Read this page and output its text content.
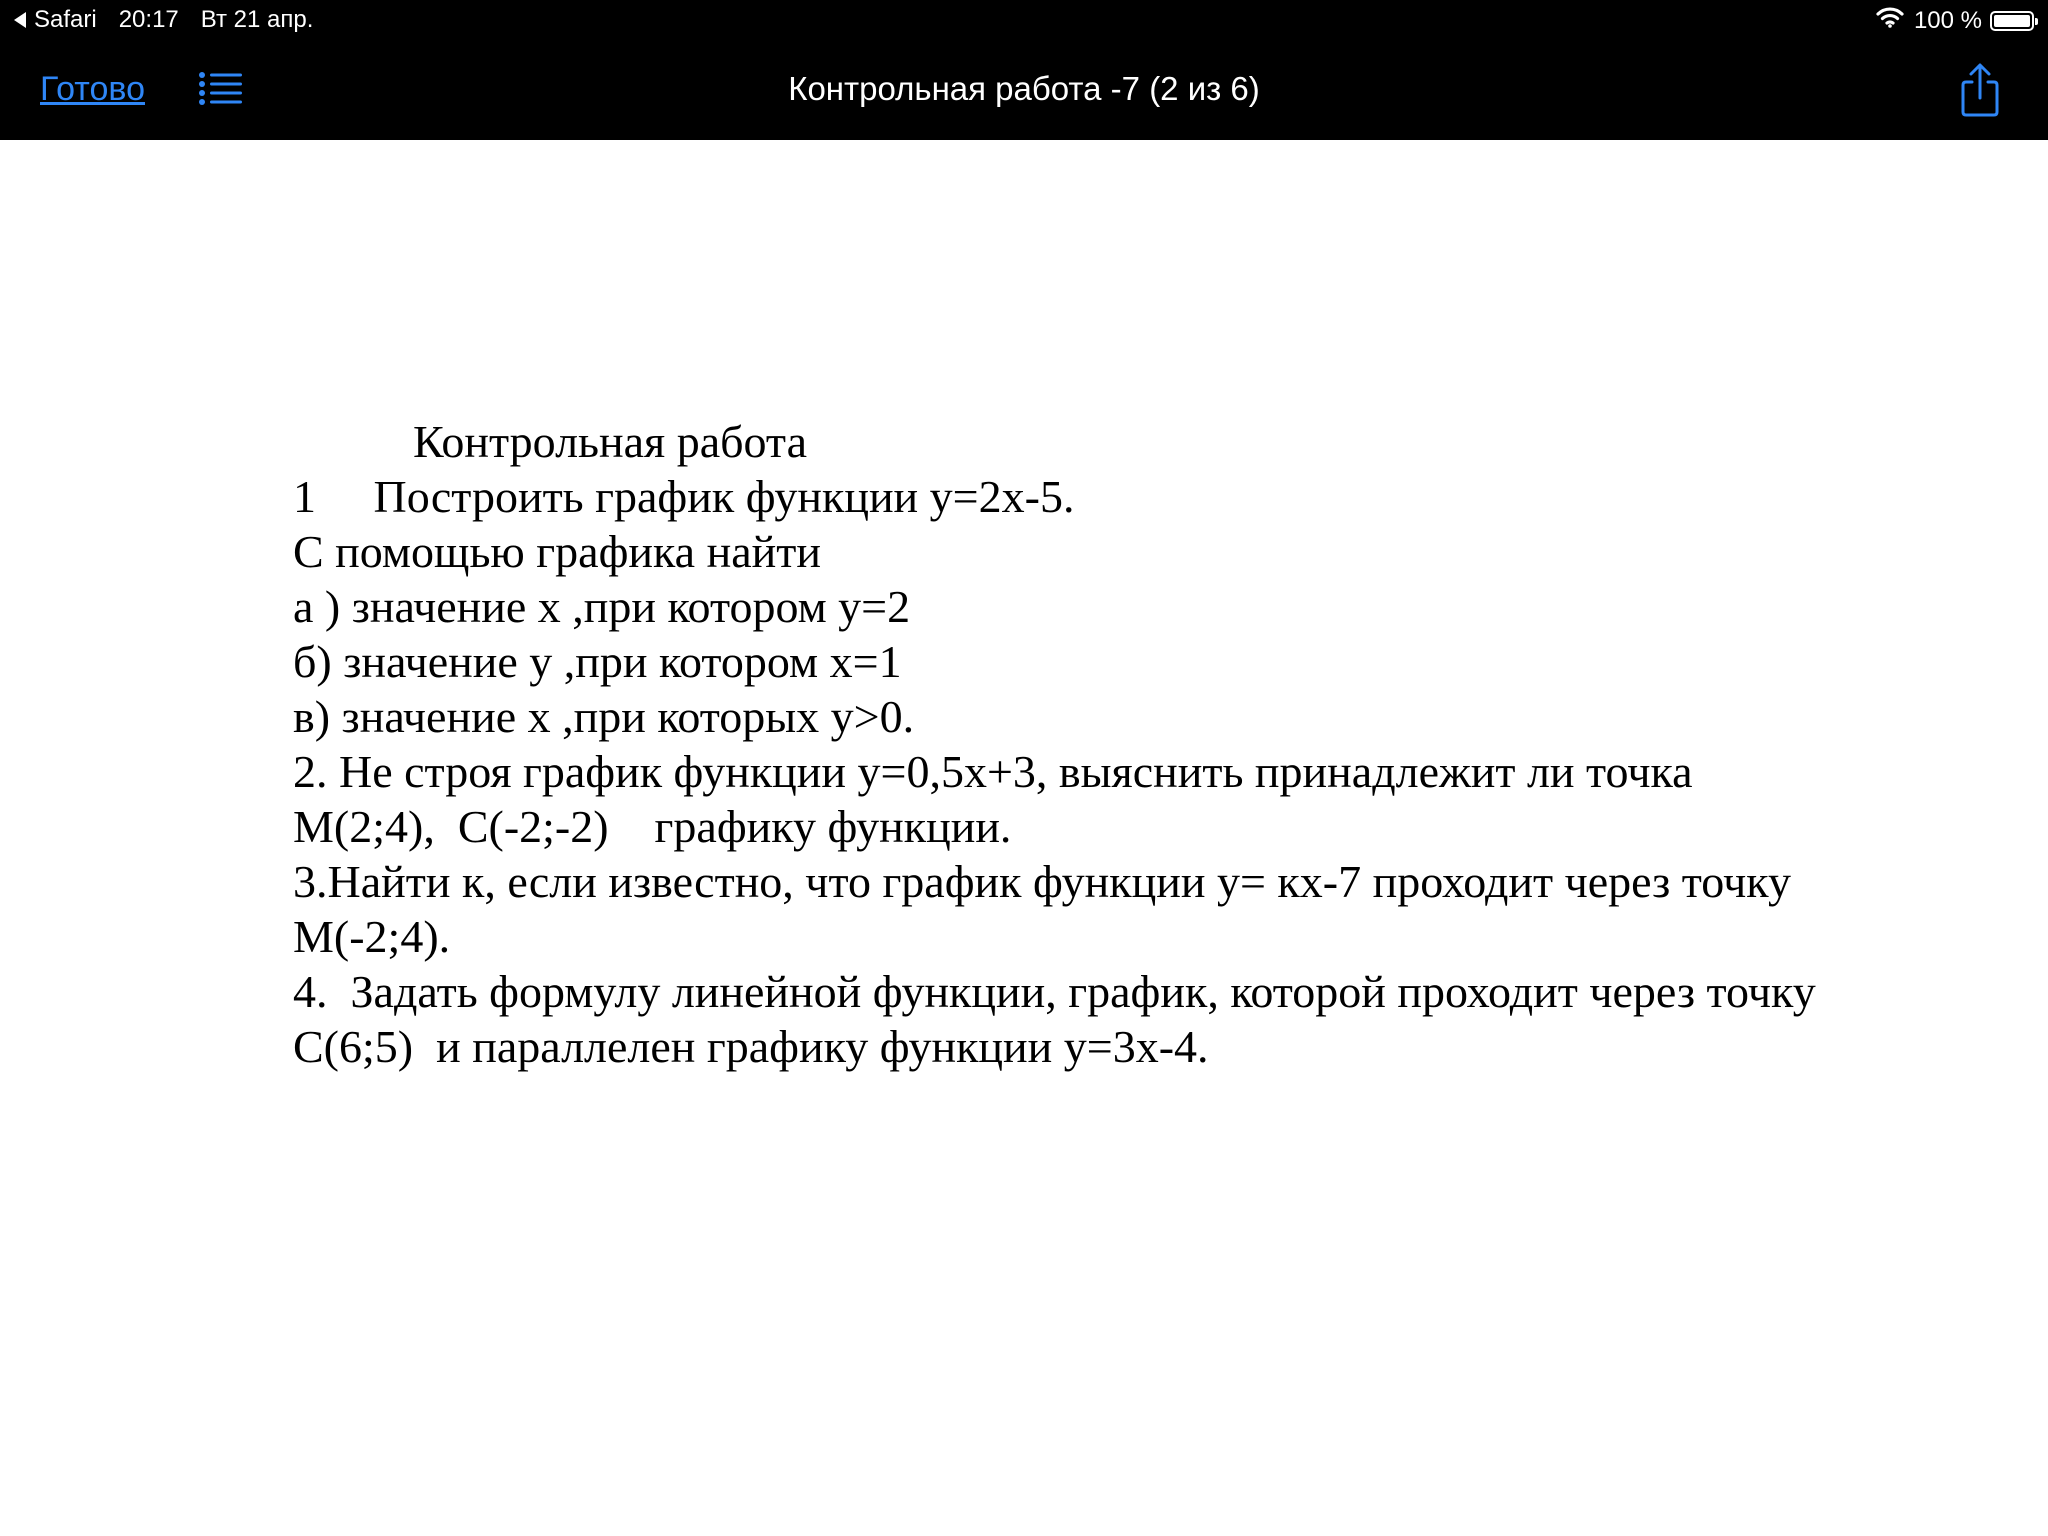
Safari 20:17 Вт 21 апр.	100 %
Готово	Контрольная работа -7 (2 из 6)
Контрольная работа
1     Построить график функции y=2x-5.
С помощью графика найти
а ) значение х ,при котором у=2
б) значение у ,при котором х=1
в) значение х ,при которых у>0.
2. Не строя график функции у=0,5х+3, выяснить принадлежит ли точка
М(2;4),  С(-2;-2)    графику функции.
3.Найти к, если известно, что график функции у= кх-7 проходит через точку
М(-2;4).
4.  Задать формулу линейной функции, график, которой проходит через точку
С(6;5)  и параллелен графику функции у=3х-4.
